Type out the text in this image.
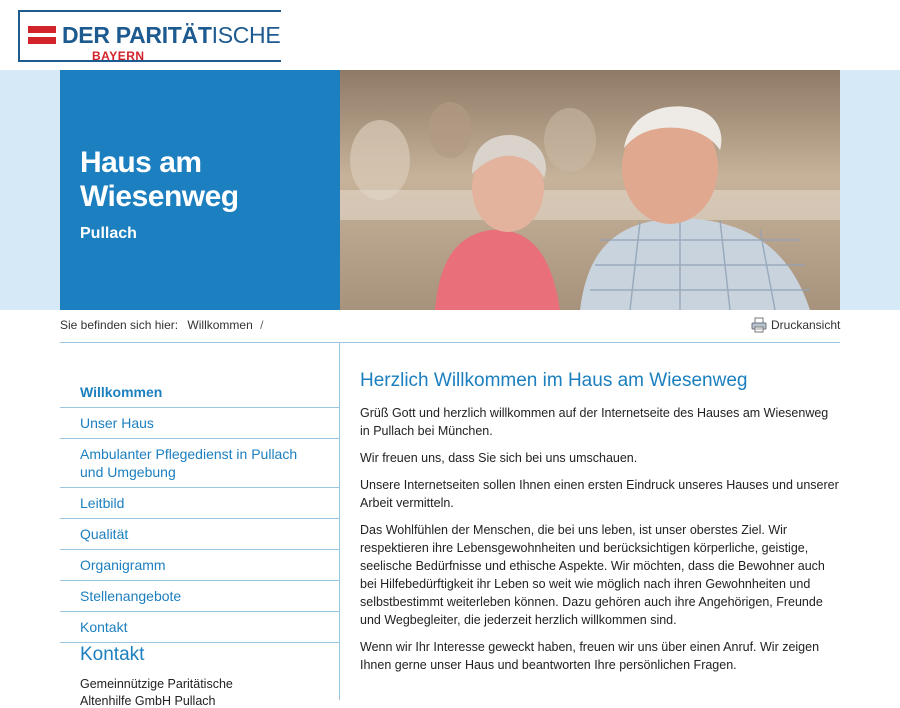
DER PARITÄTISCHE
BAYERN
Haus am
Wiesenweg
Pullach
Sie befinden sich hier: Willkommen /	Druckansicht
Willkommen
Unser Haus
Ambulanter Pflegedienst in Pullach und Umgebung
Leitbild
Qualität
Organigramm
Stellenangebote
Kontakt
Kontakt
Gemeinnützige Paritätische
Altenhilfe GmbH Pullach
Herzlich Willkommen im Haus am Wiesenweg

Grüß Gott und herzlich willkommen auf der Internetseite des Hauses am Wiesenweg in Pullach bei München.

Wir freuen uns, dass Sie sich bei uns umschauen.

Unsere Internetseiten sollen Ihnen einen ersten Eindruck unseres Hauses und unserer Arbeit vermitteln.

Das Wohlfühlen der Menschen, die bei uns leben, ist unser oberstes Ziel. Wir respektieren ihre Lebensgewohnheiten und berücksichtigen körperliche, geistige, seelische Bedürfnisse und ethische Aspekte. Wir möchten, dass die Bewohner auch bei Hilfebedürftigkeit ihr Leben so weit wie möglich nach ihren Gewohnheiten und selbstbestimmt weiterleben können. Dazu gehören auch ihre Angehörigen, Freunde und Wegbegleiter, die jederzeit herzlich willkommen sind.

Wenn wir Ihr Interesse geweckt haben, freuen wir uns über einen Anruf. Wir zeigen Ihnen gerne unser Haus und beantworten Ihre persönlichen Fragen.
